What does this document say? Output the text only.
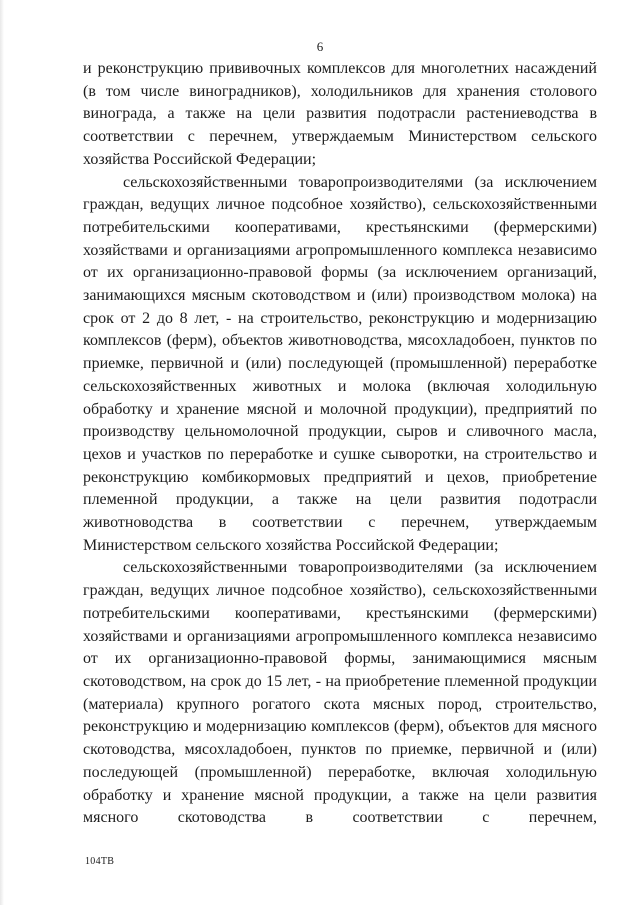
6

и реконструкцию прививочных комплексов для многолетних насаждений (в том числе виноградников), холодильников для хранения столового винограда, а также на цели развития подотрасли растениеводства в соответствии с перечнем, утверждаемым Министерством сельского хозяйства Российской Федерации;

сельскохозяйственными товаропроизводителями (за исключением граждан, ведущих личное подсобное хозяйство), сельскохозяйственными потребительскими кооперативами, крестьянскими (фермерскими) хозяйствами и организациями агропромышленного комплекса независимо от их организационно-правовой формы (за исключением организаций, занимающихся мясным скотоводством и (или) производством молока) на срок от 2 до 8 лет, - на строительство, реконструкцию и модернизацию комплексов (ферм), объектов животноводства, мясохладобоен, пунктов по приемке, первичной и (или) последующей (промышленной) переработке сельскохозяйственных животных и молока (включая холодильную обработку и хранение мясной и молочной продукции), предприятий по производству цельномолочной продукции, сыров и сливочного масла, цехов и участков по переработке и сушке сыворотки, на строительство и реконструкцию комбикормовых предприятий и цехов, приобретение племенной продукции, а также на цели развития подотрасли животноводства в соответствии с перечнем, утверждаемым Министерством сельского хозяйства Российской Федерации;

сельскохозяйственными товаропроизводителями (за исключением граждан, ведущих личное подсобное хозяйство), сельскохозяйственными потребительскими кооперативами, крестьянскими (фермерскими) хозяйствами и организациями агропромышленного комплекса независимо от их организационно-правовой формы, занимающимися мясным скотоводством, на срок до 15 лет, - на приобретение племенной продукции (материала) крупного рогатого скота мясных пород, строительство, реконструкцию и модернизацию комплексов (ферм), объектов для мясного скотоводства, мясохладобоен, пунктов по приемке, первичной и (или) последующей (промышленной) переработке, включая холодильную обработку и хранение мясной продукции, а также на цели развития мясного скотоводства в соответствии с перечнем,

104ТВ
